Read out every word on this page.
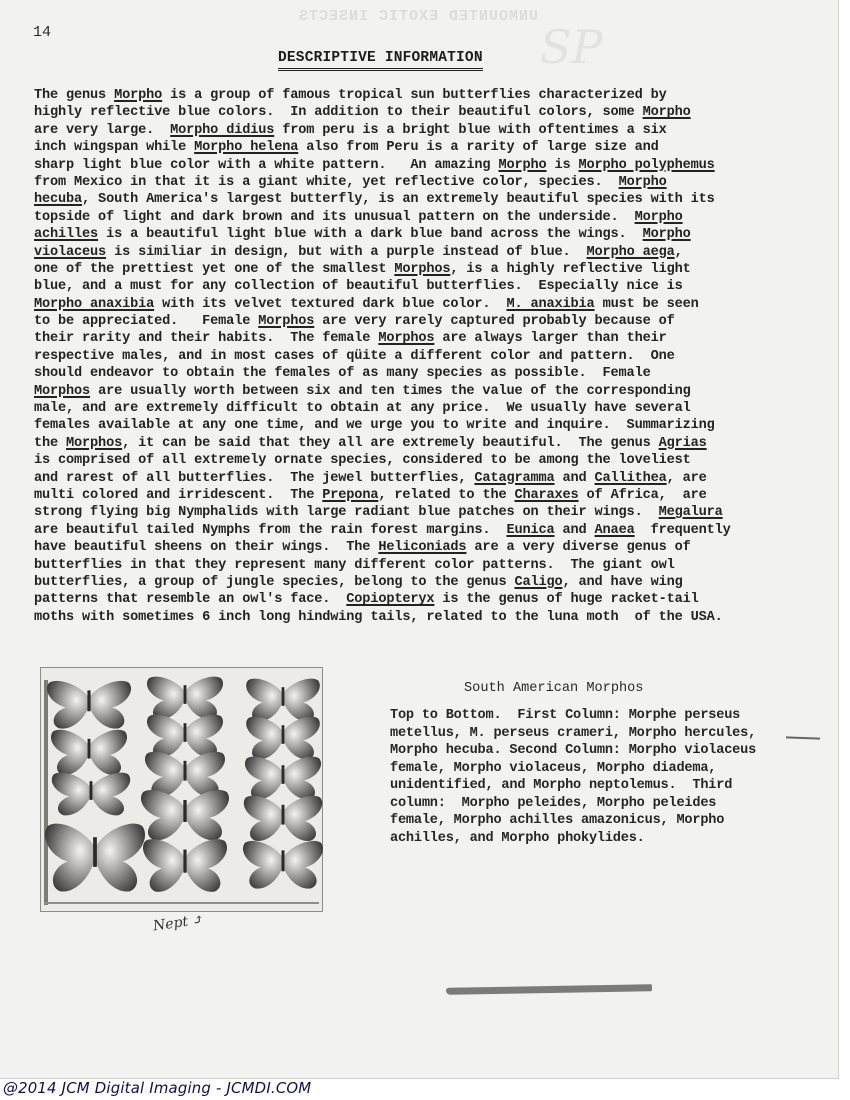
UNMOUNTED EXOTIC INSECTS
SP
14
DESCRIPTIVE INFORMATION
The genus Morpho is a group of famous tropical sun butterflies characterized by
highly reflective blue colors.  In addition to their beautiful colors, some Morpho
are very large.  Morpho didius from peru is a bright blue with oftentimes a six
inch wingspan while Morpho helena also from Peru is a rarity of large size and
sharp light blue color with a white pattern.   An amazing Morpho is Morpho polyphemus
from Mexico in that it is a giant white, yet reflective color, species.  Morpho
hecuba, South America's largest butterfly, is an extremely beautiful species with its
topside of light and dark brown and its unusual pattern on the underside.  Morpho
achilles is a beautiful light blue with a dark blue band across the wings.  Morpho
violaceus is similiar in design, but with a purple instead of blue.  Morpho aega,
one of the prettiest yet one of the smallest Morphos, is a highly reflective light
blue, and a must for any collection of beautiful butterflies.  Especially nice is
Morpho anaxibia with its velvet textured dark blue color.  M. anaxibia must be seen
to be appreciated.   Female Morphos are very rarely captured probably because of
their rarity and their habits.  The female Morphos are always larger than their
respective males, and in most cases of qüite a different color and pattern.  One
should endeavor to obtain the females of as many species as possible.  Female
Morphos are usually worth between six and ten times the value of the corresponding
male, and are extremely difficult to obtain at any price.  We usually have several
females available at any one time, and we urge you to write and inquire.  Summarizing
the Morphos, it can be said that they all are extremely beautiful.  The genus Agrias
is comprised of all extremely ornate species, considered to be among the loveliest
and rarest of all butterflies.  The jewel butterflies, Catagramma and Callithea, are
multi colored and irridescent.  The Prepona, related to the Charaxes of Africa,  are
strong flying big Nymphalids with large radiant blue patches on their wings.  Megalura
are beautiful tailed Nymphs from the rain forest margins.  Eunica and Anaea  frequently
have beautiful sheens on their wings.  The Heliconiads are a very diverse genus of
butterflies in that they represent many different color patterns.  The giant owl
butterflies, a group of jungle species, belong to the genus Caligo, and have wing
patterns that resemble an owl's face.  Copiopteryx is the genus of huge racket-tail
moths with sometimes 6 inch long hindwing tails, related to the luna moth  of the USA.
Nept ⤴
South American Morphos
Top to Bottom.  First Column: Morphe perseus
metellus, M. perseus crameri, Morpho hercules,
Morpho hecuba. Second Column: Morpho violaceus
female, Morpho violaceus, Morpho diadema,
unidentified, and Morpho neptolemus.  Third
column:  Morpho peleides, Morpho peleides
female, Morpho achilles amazonicus, Morpho
achilles, and Morpho phokylides.
@2014 JCM Digital Imaging - JCMDI.COM
